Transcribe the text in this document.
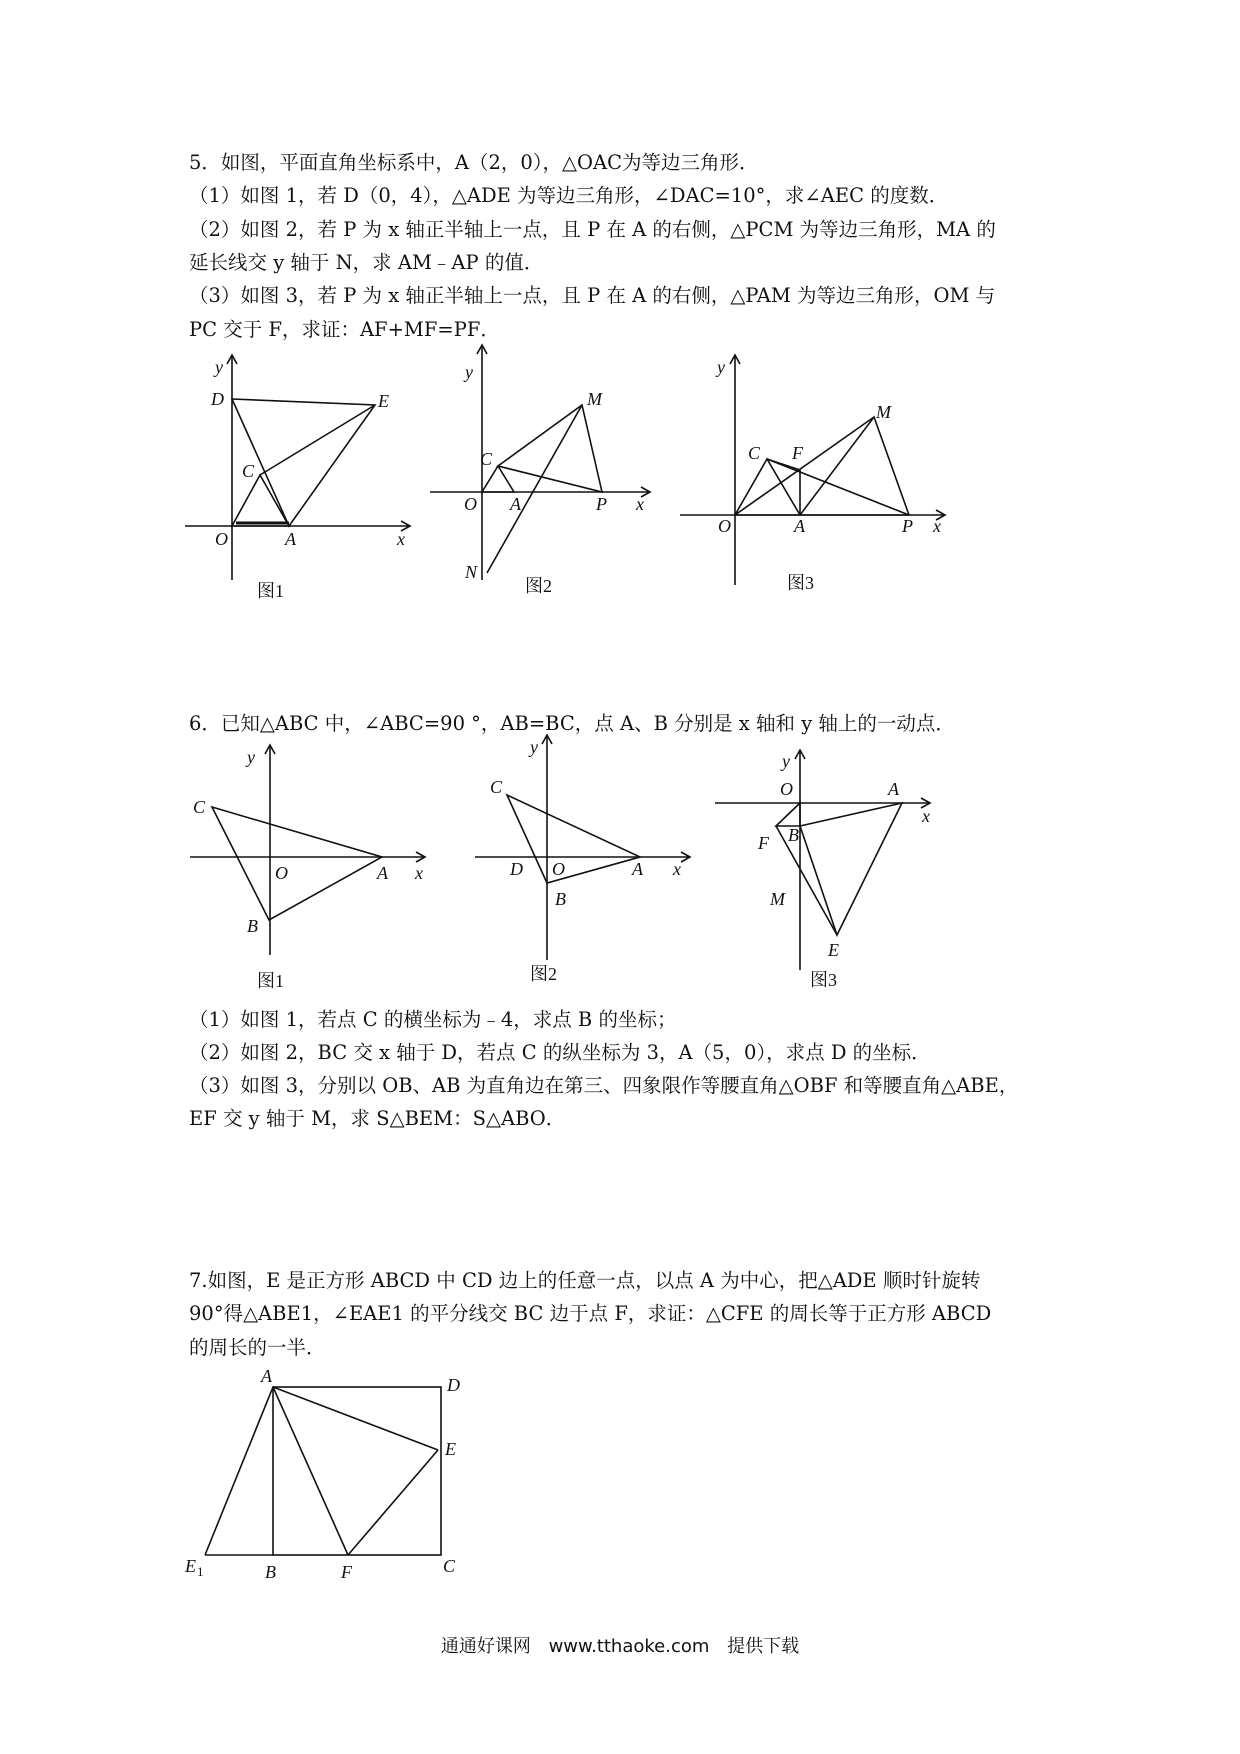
5．如图，平面直角坐标系中，A（2，0），△OAC为等边三角形．
（1）如图 1，若 D（0，4），△ADE 为等边三角形，∠DAC=10°，求∠AEC 的度数．
（2）如图 2，若 P 为 x 轴正半轴上一点，且 P 在 A 的右侧，△PCM 为等边三角形，MA 的
延长线交 y 轴于 N，求 AM﹣AP 的值．
（3）如图 3，若 P 为 x 轴正半轴上一点，且 P 在 A 的右侧，△PAM 为等边三角形，OM 与
PC 交于 F，求证：AF+MF=PF．
y
D	E
C
O	A	x
图1
y
M
C
O A	P x
N
图2
y
M
C F
O	A	P x
图3
6．已知△ABC 中，∠ABC=90 °，AB=BC，点 A、B 分别是 x 轴和 y 轴上的一动点．
y
C
O	A x
B
图1
y
C
D O	A x
B
图2
y
O	A
x
B
F
M
E
图3
（1）如图 1，若点 C 的横坐标为﹣4，求点 B 的坐标；
（2）如图 2，BC 交 x 轴于 D，若点 C 的纵坐标为 3，A（5，0），求点 D 的坐标．
（3）如图 3，分别以 OB、AB 为直角边在第三、四象限作等腰直角△OBF 和等腰直角△ABE，
EF 交 y 轴于 M，求 S△BEM：S△ABO．
7.如图，E 是正方形 ABCD 中 CD 边上的任意一点，以点 A 为中心，把△ADE 顺时针旋转
90°得△ABE1，∠EAE1 的平分线交 BC 边于点 F，求证：△CFE 的周长等于正方形 ABCD
的周长的一半．
A	D
E
E 1	B	F	C
通通好课网 www.tthaoke.com 提供下载
